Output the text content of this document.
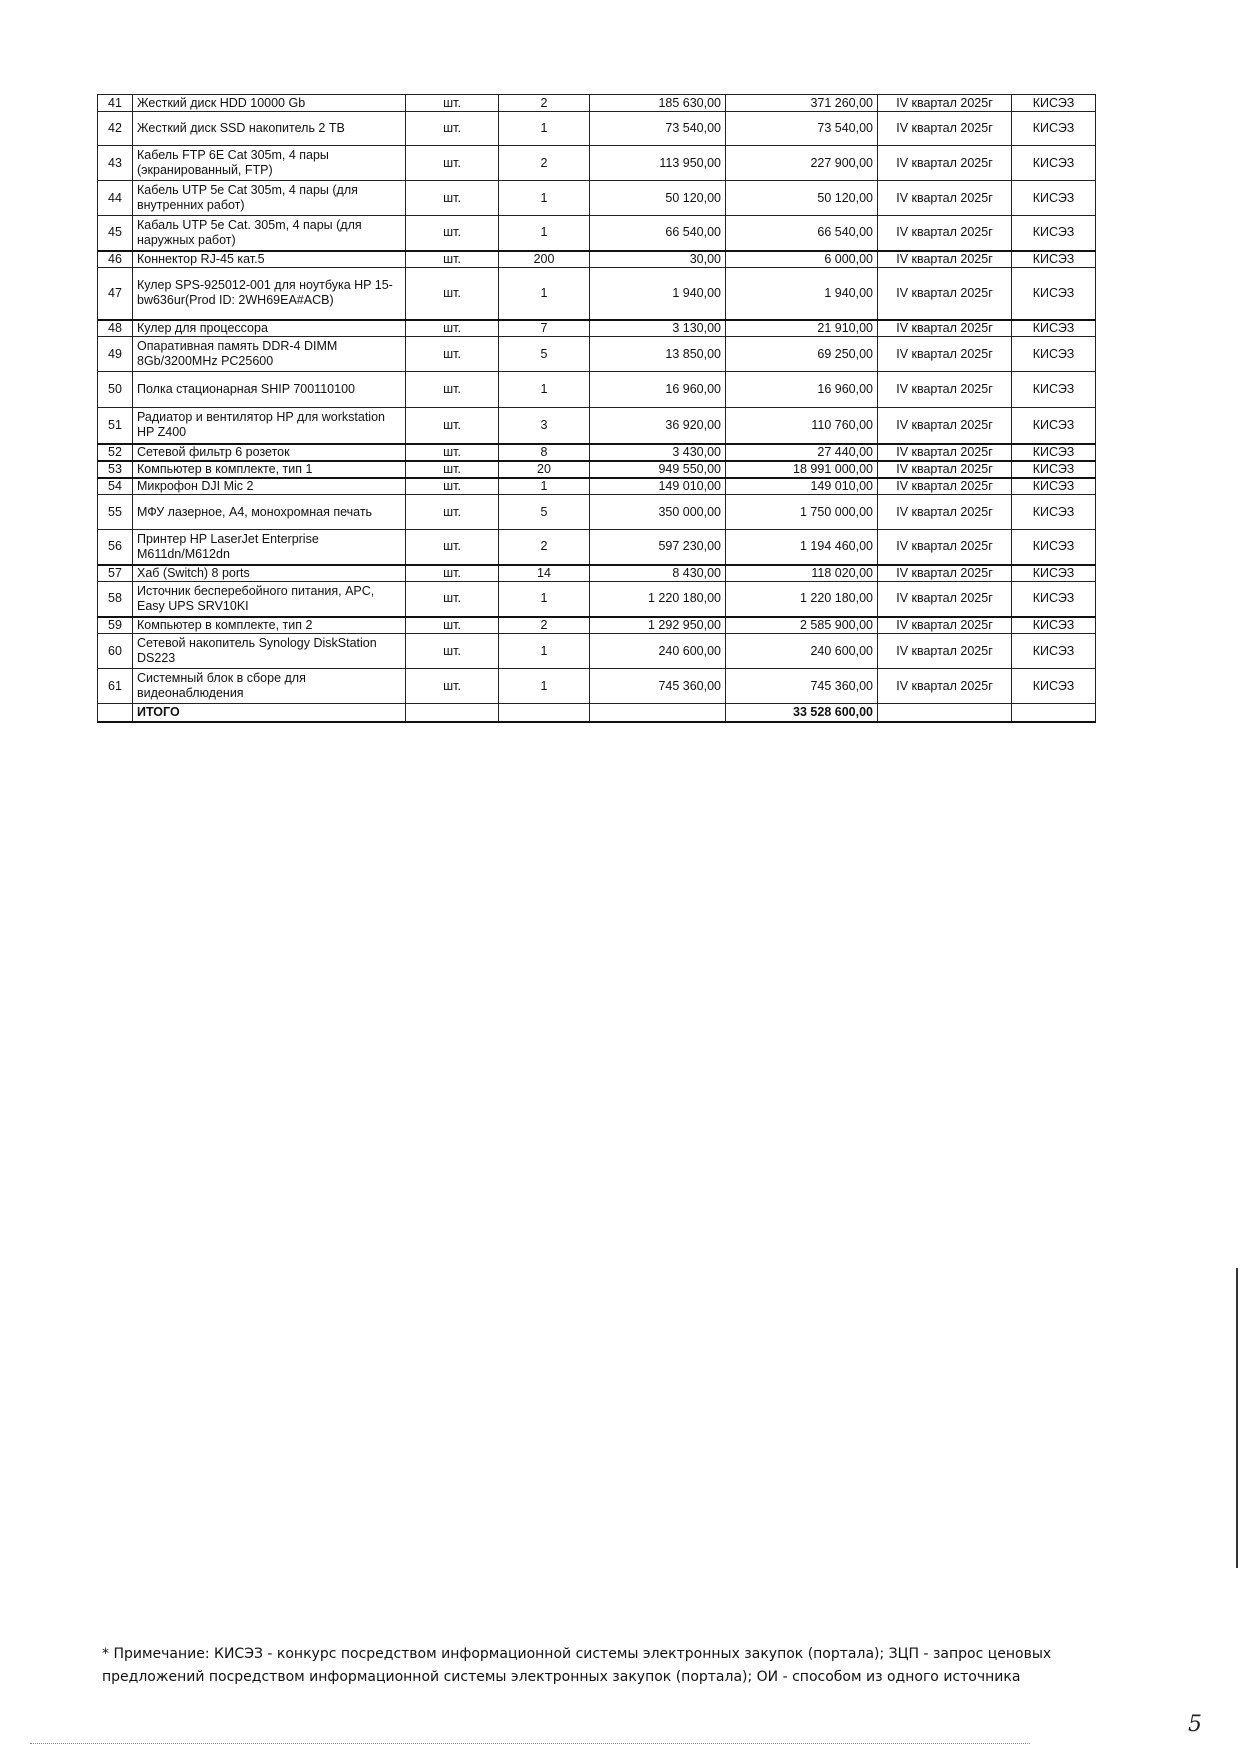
41	Жесткий диск HDD 10000 Gb	шт.	2	185 630,00	371 260,00	IV квартал 2025г	КИСЭЗ
42	Жесткий диск SSD накопитель 2 TB	шт.	1	73 540,00	73 540,00	IV квартал 2025г	КИСЭЗ
43	Кабель FTP 6E Cat 305m, 4 пары (экранированный, FTP)	шт.	2	113 950,00	227 900,00	IV квартал 2025г	КИСЭЗ
44	Кабель UTP 5e Cat 305m, 4 пары (для внутренних работ)	шт.	1	50 120,00	50 120,00	IV квартал 2025г	КИСЭЗ
45	Кабаль UTP 5e Cat. 305m, 4 пары (для наружных работ)	шт.	1	66 540,00	66 540,00	IV квартал 2025г	КИСЭЗ
46	Коннектор RJ-45 кат.5	шт.	200	30,00	6 000,00	IV квартал 2025г	КИСЭЗ
47	Кулер SPS-925012-001 для ноутбука HP 15-bw636ur(Prod ID: 2WH69EA#ACB)	шт.	1	1 940,00	1 940,00	IV квартал 2025г	КИСЭЗ
48	Кулер для процессора	шт.	7	3 130,00	21 910,00	IV квартал 2025г	КИСЭЗ
49	Опаративная память DDR-4 DIMM 8Gb/3200MHz PC25600	шт.	5	13 850,00	69 250,00	IV квартал 2025г	КИСЭЗ
50	Полка стационарная SHIP 700110100	шт.	1	16 960,00	16 960,00	IV квартал 2025г	КИСЭЗ
51	Радиатор и вентилятор HP для workstation HP Z400	шт.	3	36 920,00	110 760,00	IV квартал 2025г	КИСЭЗ
52	Сетевой фильтр 6 розеток	шт.	8	3 430,00	27 440,00	IV квартал 2025г	КИСЭЗ
53	Компьютер в комплекте, тип 1	шт.	20	949 550,00	18 991 000,00	IV квартал 2025г	КИСЭЗ
54	Микрофон DJI Mic 2	шт.	1	149 010,00	149 010,00	IV квартал 2025г	КИСЭЗ
55	МФУ лазерное, А4, монохромная печать	шт.	5	350 000,00	1 750 000,00	IV квартал 2025г	КИСЭЗ
56	Принтер HP LaserJet Enterprise M611dn/M612dn	шт.	2	597 230,00	1 194 460,00	IV квартал 2025г	КИСЭЗ
57	Хаб (Switch) 8 ports	шт.	14	8 430,00	118 020,00	IV квартал 2025г	КИСЭЗ
58	Источник бесперебойного питания, APC, Easy UPS SRV10KI	шт.	1	1 220 180,00	1 220 180,00	IV квартал 2025г	КИСЭЗ
59	Компьютер в комплекте, тип 2	шт.	2	1 292 950,00	2 585 900,00	IV квартал 2025г	КИСЭЗ
60	Сетевой накопитель Synology DiskStation DS223	шт.	1	240 600,00	240 600,00	IV квартал 2025г	КИСЭЗ
61	Системный блок в сборе для видеонаблюдения	шт.	1	745 360,00	745 360,00	IV квартал 2025г	КИСЭЗ
	ИТОГО				33 528 600,00		
* Примечание: КИСЭЗ - конкурс посредством информационной системы электронных закупок (портала); ЗЦП - запрос ценовых
предложений посредством информационной системы электронных закупок (портала); ОИ - способом из одного источника
5
